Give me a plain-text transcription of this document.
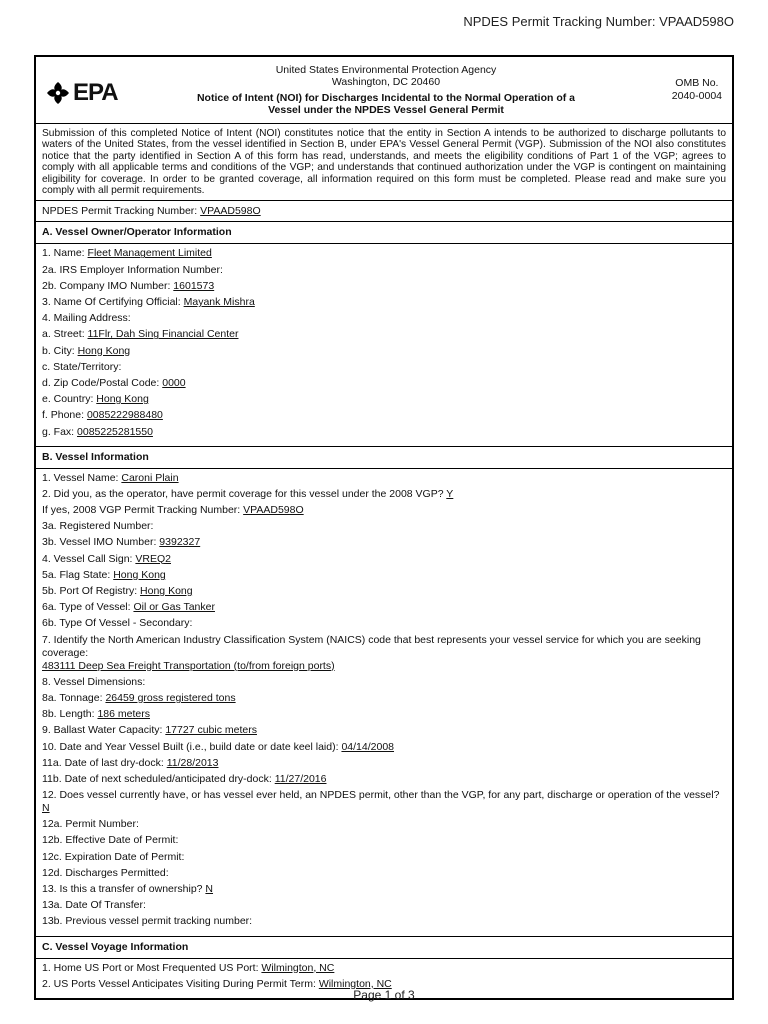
NPDES Permit Tracking Number: VPAAD598O
EPA
United States Environmental Protection Agency
Washington, DC 20460
Notice of Intent (NOI) for Discharges Incidental to the Normal Operation of a
Vessel under the NPDES Vessel General Permit
OMB No.
2040-0004
Submission of this completed Notice of Intent (NOI) constitutes notice that the entity in Section A intends to be authorized to discharge pollutants to waters of the United States, from the vessel identified in Section B, under EPA's Vessel General Permit (VGP). Submission of the NOI also constitutes notice that the party identified in Section A of this form has read, understands, and meets the eligibility conditions of Part 1 of the VGP; agrees to comply with all applicable terms and conditions of the VGP; and understands that continued authorization under the VGP is contingent on maintaining eligibility for coverage. In order to be granted coverage, all information required on this form must be completed. Please read and make sure you comply with all permit requirements.
NPDES Permit Tracking Number: VPAAD598O
A. Vessel Owner/Operator Information
1. Name: Fleet Management Limited
2a. IRS Employer Information Number:
2b. Company IMO Number: 1601573
3. Name Of Certifying Official: Mayank Mishra
4. Mailing Address:
a. Street: 11Flr, Dah Sing Financial Center
b. City: Hong Kong
c. State/Territory:
d. Zip Code/Postal Code: 0000
e. Country: Hong Kong
f. Phone: 0085222988480
g. Fax: 0085225281550
B. Vessel Information
1. Vessel Name: Caroni Plain
2. Did you, as the operator, have permit coverage for this vessel under the 2008 VGP? Y
If yes, 2008 VGP Permit Tracking Number: VPAAD598O
3a. Registered Number:
3b. Vessel IMO Number: 9392327
4. Vessel Call Sign: VREQ2
5a. Flag State: Hong Kong
5b. Port Of Registry: Hong Kong
6a. Type of Vessel: Oil or Gas Tanker
6b. Type Of Vessel - Secondary:
7. Identify the North American Industry Classification System (NAICS) code that best represents your vessel service for which you are seeking coverage:
483111 Deep Sea Freight Transportation (to/from foreign ports)
8. Vessel Dimensions:
8a. Tonnage: 26459 gross registered tons
8b. Length: 186 meters
9. Ballast Water Capacity: 17727 cubic meters
10. Date and Year Vessel Built (i.e., build date or date keel laid): 04/14/2008
11a. Date of last dry-dock: 11/28/2013
11b. Date of next scheduled/anticipated dry-dock: 11/27/2016
12. Does vessel currently have, or has vessel ever held, an NPDES permit, other than the VGP, for any part, discharge or operation of the vessel? N
12a. Permit Number:
12b. Effective Date of Permit:
12c. Expiration Date of Permit:
12d. Discharges Permitted:
13. Is this a transfer of ownership? N
13a. Date Of Transfer:
13b. Previous vessel permit tracking number:
C. Vessel Voyage Information
1. Home US Port or Most Frequented US Port: Wilmington, NC
2. US Ports Vessel Anticipates Visiting During Permit Term: Wilmington, NC
Page 1 of 3
